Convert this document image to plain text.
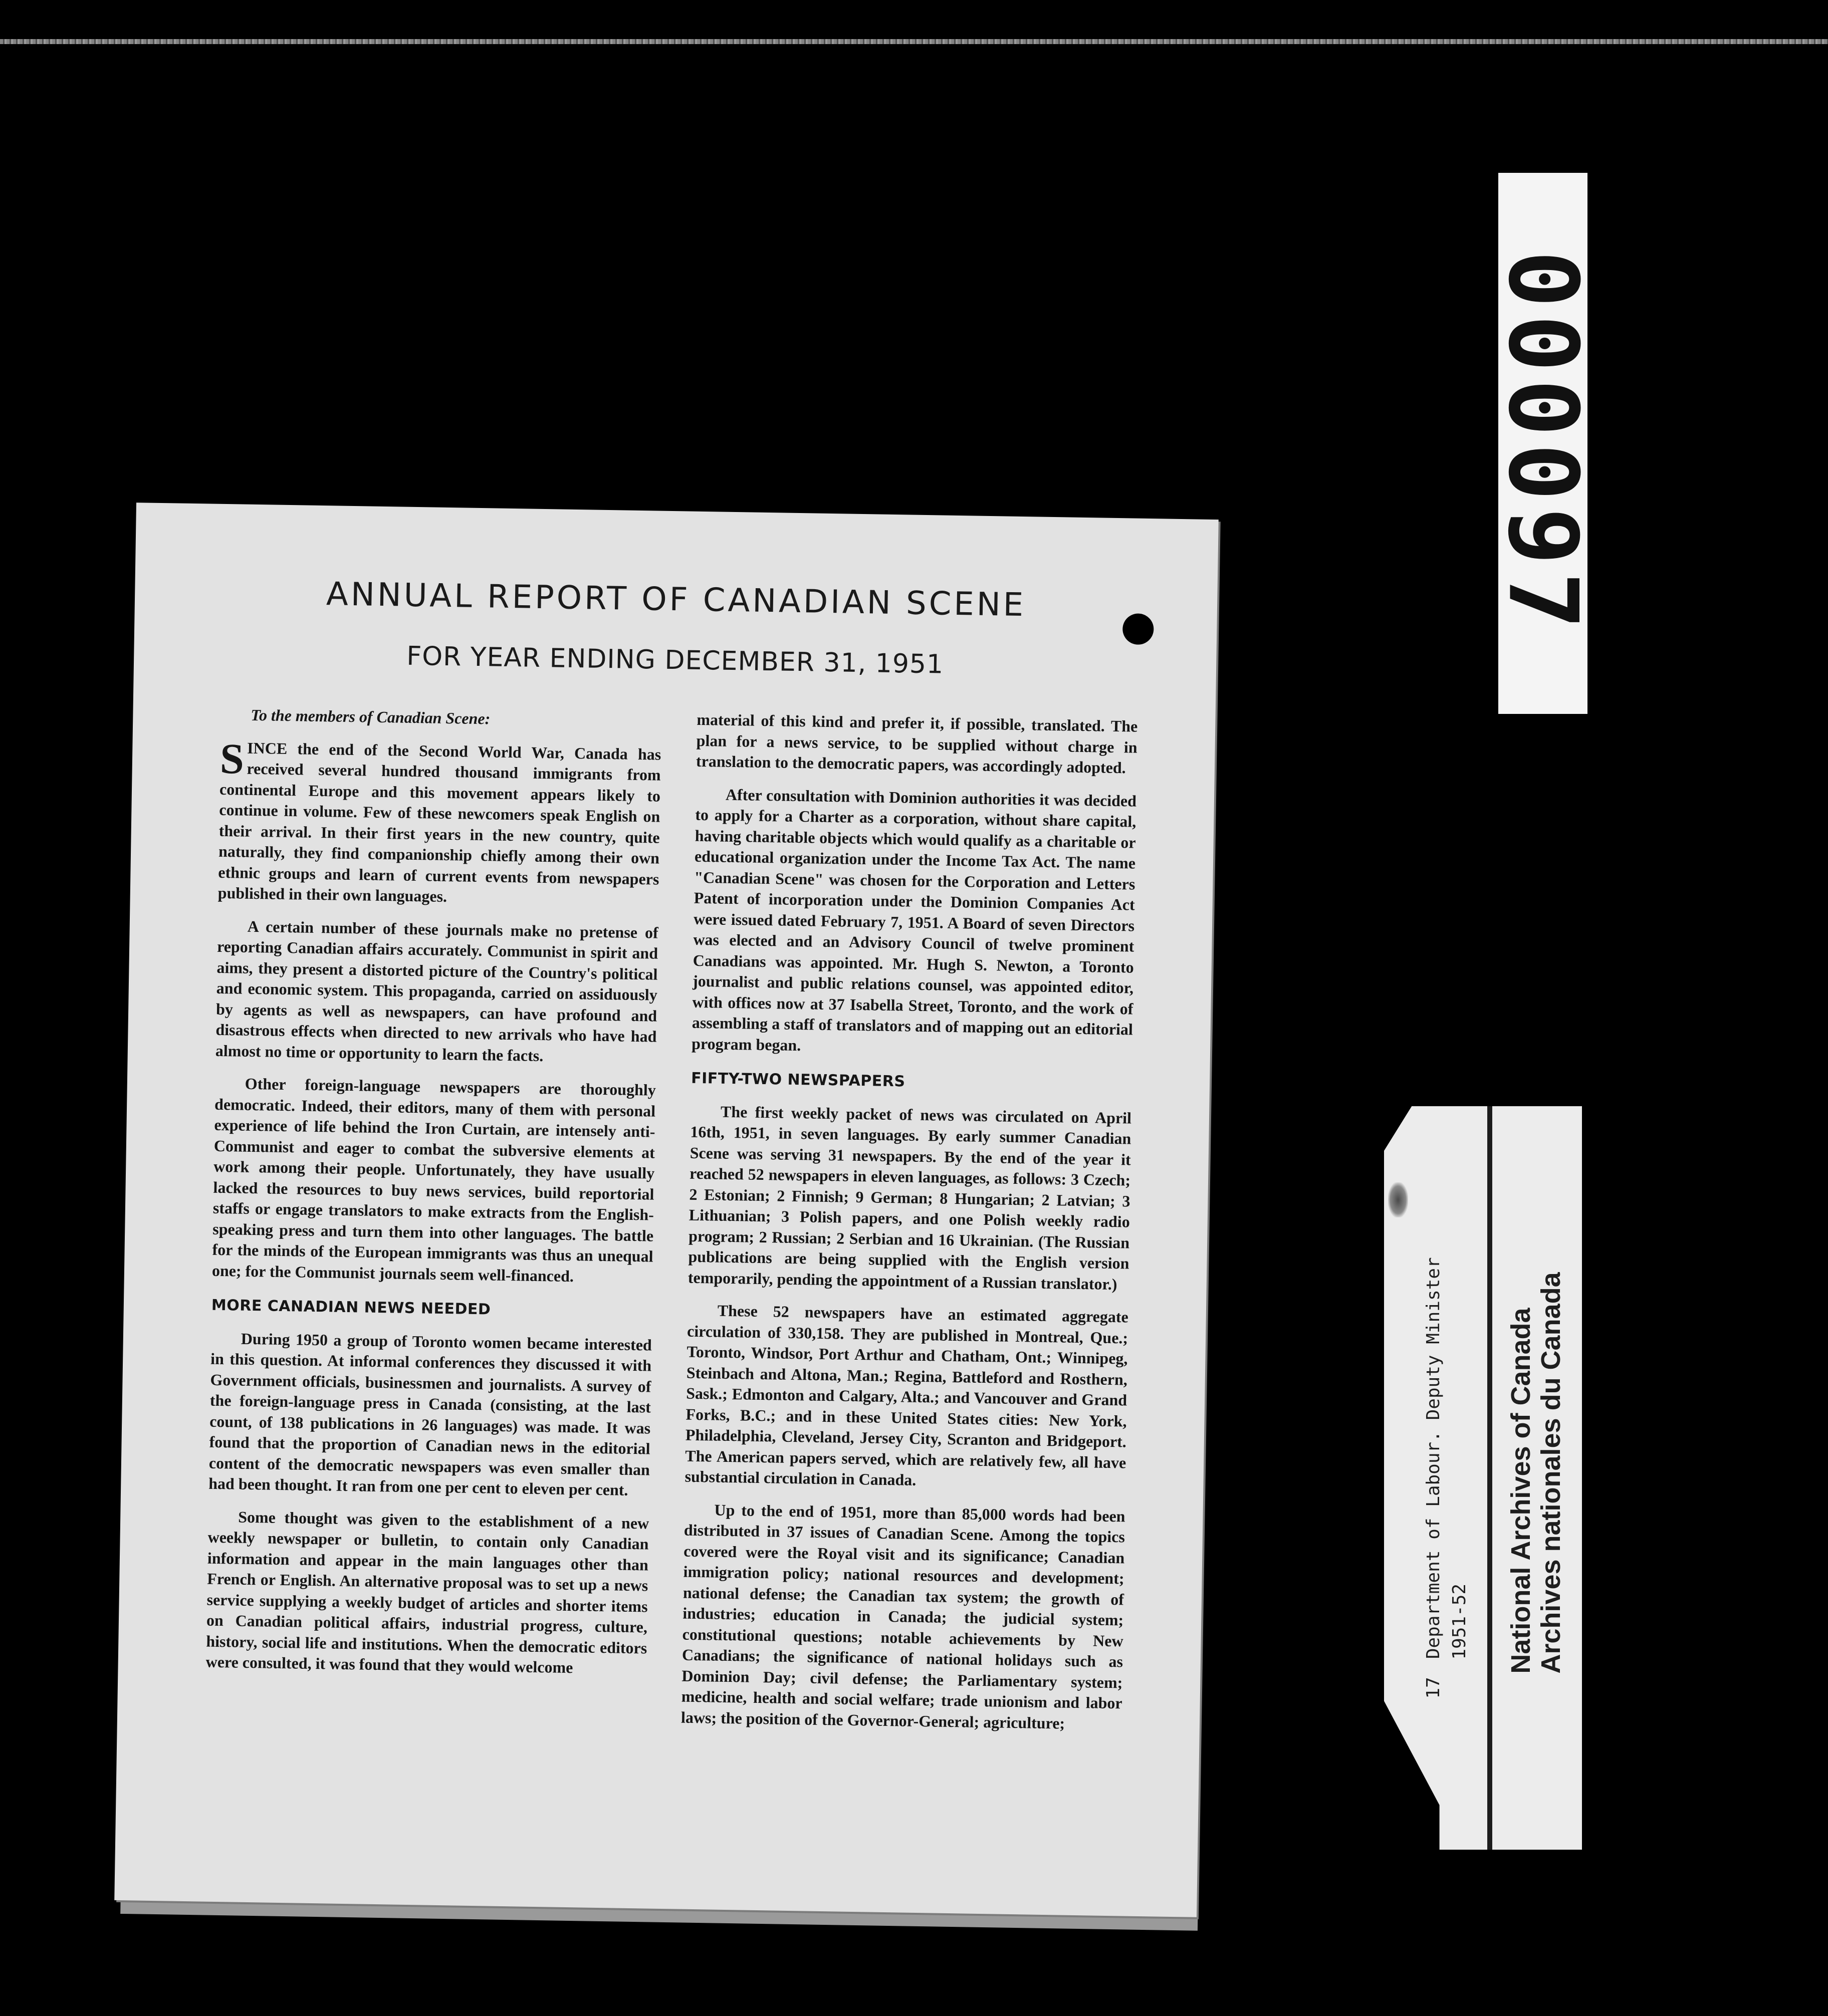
000097
ANNUAL REPORT OF CANADIAN SCENE
FOR YEAR ENDING DECEMBER 31, 1951

To the members of Canadian Scene:

SINCE the end of the Second World War, Canada has received several hundred thousand immigrants from continental Europe and this movement appears likely to continue in volume. Few of these newcomers speak English on their arrival. In their first years in the new country, quite naturally, they find companionship chiefly among their own ethnic groups and learn of current events from newspapers published in their own languages.

A certain number of these journals make no pretense of reporting Canadian affairs accurately. Communist in spirit and aims, they present a distorted picture of the Country's political and economic system. This propaganda, carried on assiduously by agents as well as newspapers, can have profound and disastrous effects when directed to new arrivals who have had almost no time or opportunity to learn the facts.

Other foreign-language newspapers are thoroughly democratic. Indeed, their editors, many of them with personal experience of life behind the Iron Curtain, are intensely anti-Communist and eager to combat the subversive elements at work among their people. Unfortunately, they have usually lacked the resources to buy news services, build reportorial staffs or engage translators to make extracts from the English-speaking press and turn them into other languages. The battle for the minds of the European immigrants was thus an unequal one; for the Communist journals seem well-financed.

MORE CANADIAN NEWS NEEDED

During 1950 a group of Toronto women became interested in this question. At informal conferences they discussed it with Government officials, businessmen and journalists. A survey of the foreign-language press in Canada (consisting, at the last count, of 138 publications in 26 languages) was made. It was found that the proportion of Canadian news in the editorial content of the democratic newspapers was even smaller than had been thought. It ran from one per cent to eleven per cent.

Some thought was given to the establishment of a new weekly newspaper or bulletin, to contain only Canadian information and appear in the main languages other than French or English. An alternative proposal was to set up a news service supplying a weekly budget of articles and shorter items on Canadian political affairs, industrial progress, culture, history, social life and institutions. When the democratic editors were consulted, it was found that they would welcome

material of this kind and prefer it, if possible, translated. The plan for a news service, to be supplied without charge in translation to the democratic papers, was accordingly adopted.

After consultation with Dominion authorities it was decided to apply for a Charter as a corporation, without share capital, having charitable objects which would qualify as a charitable or educational organization under the Income Tax Act. The name "Canadian Scene" was chosen for the Corporation and Letters Patent of incorporation under the Dominion Companies Act were issued dated February 7, 1951. A Board of seven Directors was elected and an Advisory Council of twelve prominent Canadians was appointed. Mr. Hugh S. Newton, a Toronto journalist and public relations counsel, was appointed editor, with offices now at 37 Isabella Street, Toronto, and the work of assembling a staff of translators and of mapping out an editorial program began.

FIFTY-TWO NEWSPAPERS

The first weekly packet of news was circulated on April 16th, 1951, in seven languages. By early summer Canadian Scene was serving 31 newspapers. By the end of the year it reached 52 newspapers in eleven languages, as follows: 3 Czech; 2 Estonian; 2 Finnish; 9 German; 8 Hungarian; 2 Latvian; 3 Lithuanian; 3 Polish papers, and one Polish weekly radio program; 2 Russian; 2 Serbian and 16 Ukrainian. (The Russian publications are being supplied with the English version temporarily, pending the appointment of a Russian translator.)

These 52 newspapers have an estimated aggregate circulation of 330,158. They are published in Montreal, Que.; Toronto, Windsor, Port Arthur and Chatham, Ont.; Winnipeg, Steinbach and Altona, Man.; Regina, Battleford and Rosthern, Sask.; Edmonton and Calgary, Alta.; and Vancouver and Grand Forks, B.C.; and in these United States cities: New York, Philadelphia, Cleveland, Jersey City, Scranton and Bridgeport. The American papers served, which are relatively few, all have substantial circulation in Canada.

Up to the end of 1951, more than 85,000 words had been distributed in 37 issues of Canadian Scene. Among the topics covered were the Royal visit and its significance; Canadian immigration policy; national resources and development; national defense; the Canadian tax system; the growth of industries; education in Canada; the judicial system; constitutional questions; notable achievements by New Canadians; the significance of national holidays such as Dominion Day; civil defense; the Parliamentary system; medicine, health and social welfare; trade unionism and labor laws; the position of the Governor-General; agriculture;

17Department of Labour. Deputy Minister 1951-52 National Archives of Canada Archives nationales du Canada
